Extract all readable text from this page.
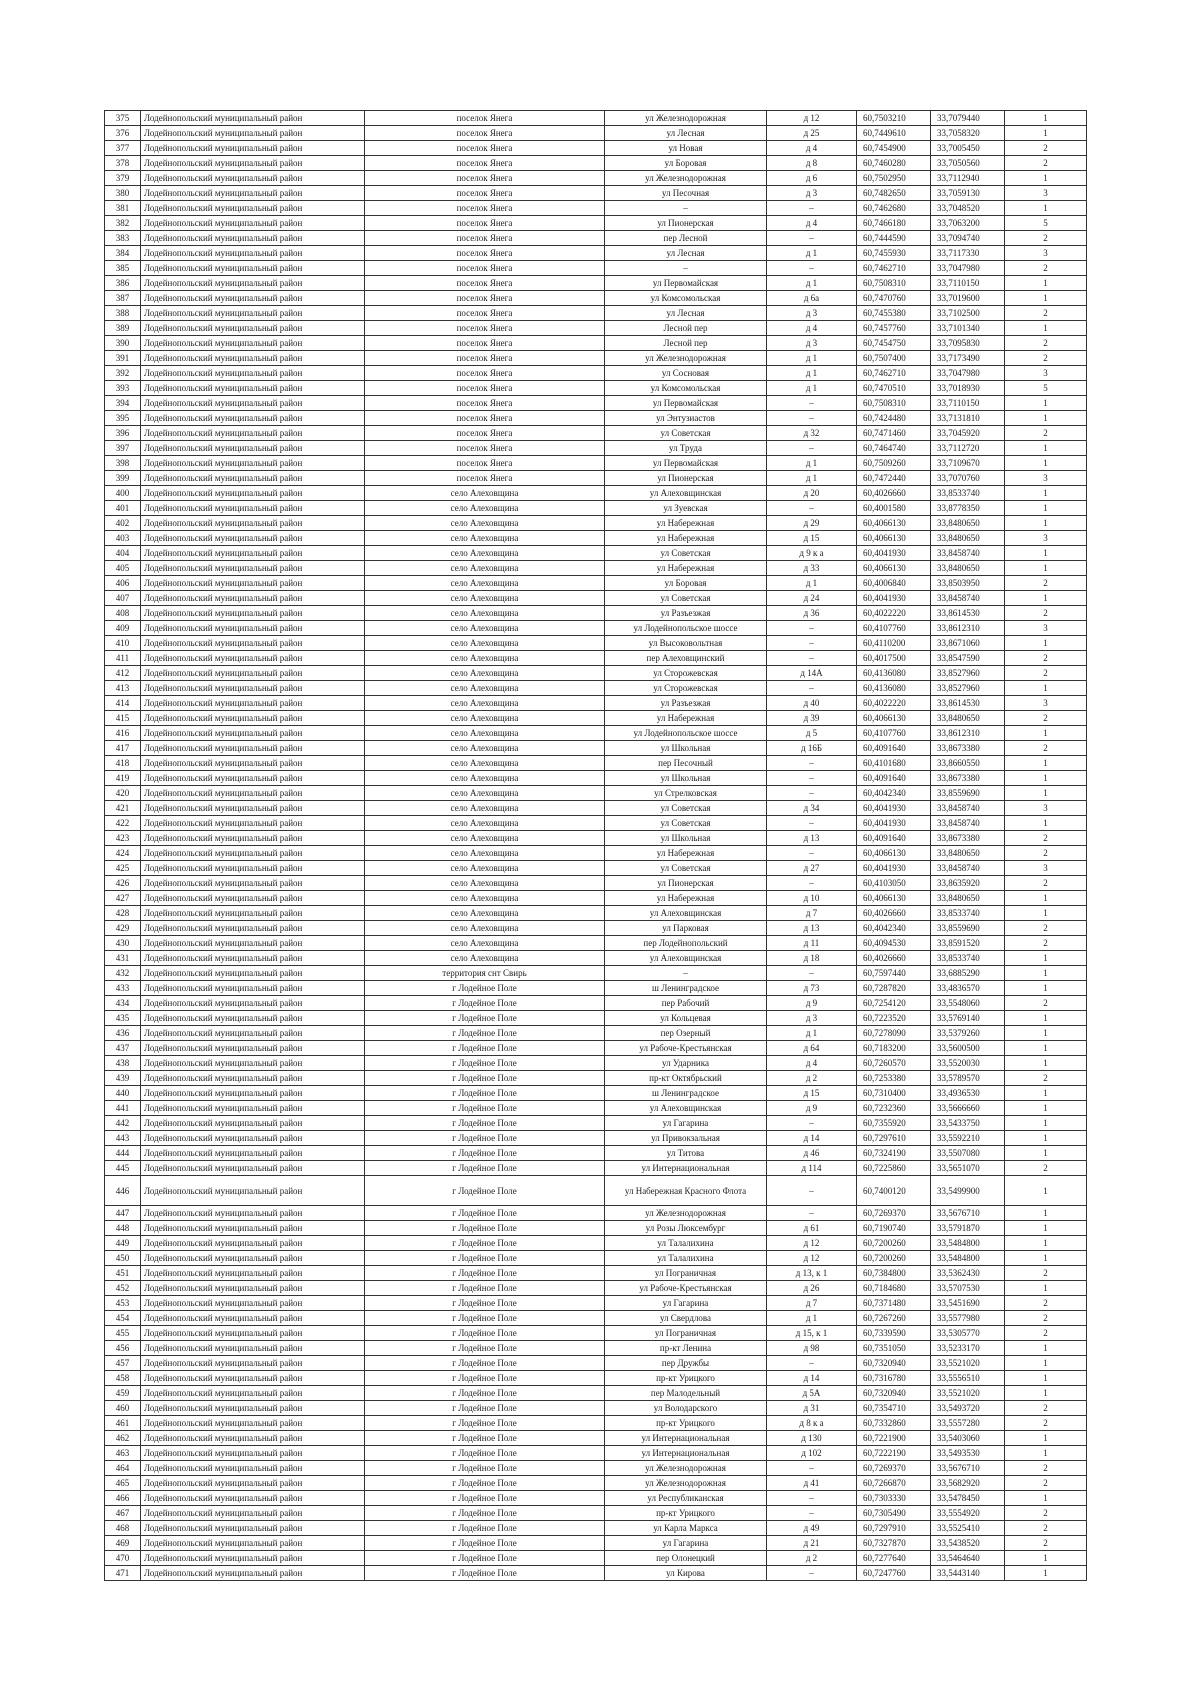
375	Лодейнопольский муниципальный район	поселок Янега	ул Железнодорожная	д 12	60,7503210	33,7079440	1
376	Лодейнопольский муниципальный район	поселок Янега	ул Лесная	д 25	60,7449610	33,7058320	1
377	Лодейнопольский муниципальный район	поселок Янега	ул Новая	д 4	60,7454900	33,7005450	2
378	Лодейнопольский муниципальный район	поселок Янега	ул Боровая	д 8	60,7460280	33,7050560	2
379	Лодейнопольский муниципальный район	поселок Янега	ул Железнодорожная	д 6	60,7502950	33,7112940	1
380	Лодейнопольский муниципальный район	поселок Янега	ул Песочная	д 3	60,7482650	33,7059130	3
381	Лодейнопольский муниципальный район	поселок Янега	–	–	60,7462680	33,7048520	1
382	Лодейнопольский муниципальный район	поселок Янега	ул Пионерская	д 4	60,7466180	33,7063200	5
383	Лодейнопольский муниципальный район	поселок Янега	пер Лесной	–	60,7444590	33,7094740	2
384	Лодейнопольский муниципальный район	поселок Янега	ул Лесная	д 1	60,7455930	33,7117330	3
385	Лодейнопольский муниципальный район	поселок Янега	–	–	60,7462710	33,7047980	2
386	Лодейнопольский муниципальный район	поселок Янега	ул Первомайская	д 1	60,7508310	33,7110150	1
387	Лодейнопольский муниципальный район	поселок Янега	ул Комсомольская	д 6а	60,7470760	33,7019600	1
388	Лодейнопольский муниципальный район	поселок Янега	ул Лесная	д 3	60,7455380	33,7102500	2
389	Лодейнопольский муниципальный район	поселок Янега	Лесной пер	д 4	60,7457760	33,7101340	1
390	Лодейнопольский муниципальный район	поселок Янега	Лесной пер	д 3	60,7454750	33,7095830	2
391	Лодейнопольский муниципальный район	поселок Янега	ул Железнодорожная	д 1	60,7507400	33,7173490	2
392	Лодейнопольский муниципальный район	поселок Янега	ул Сосновая	д 1	60,7462710	33,7047980	3
393	Лодейнопольский муниципальный район	поселок Янега	ул Комсомольская	д 1	60,7470510	33,7018930	5
394	Лодейнопольский муниципальный район	поселок Янега	ул Первомайская	–	60,7508310	33,7110150	1
395	Лодейнопольский муниципальный район	поселок Янега	ул Энтузиастов	–	60,7424480	33,7131810	1
396	Лодейнопольский муниципальный район	поселок Янега	ул Советская	д 32	60,7471460	33,7045920	2
397	Лодейнопольский муниципальный район	поселок Янега	ул Труда	–	60,7464740	33,7112720	1
398	Лодейнопольский муниципальный район	поселок Янега	ул Первомайская	д 1	60,7509260	33,7109670	1
399	Лодейнопольский муниципальный район	поселок Янега	ул Пионерская	д 1	60,7472440	33,7070760	3
400	Лодейнопольский муниципальный район	село Алеховщина	ул Алеховщинская	д 20	60,4026660	33,8533740	1
401	Лодейнопольский муниципальный район	село Алеховщина	ул Зуевская	–	60,4001580	33,8778350	1
402	Лодейнопольский муниципальный район	село Алеховщина	ул Набережная	д 29	60,4066130	33,8480650	1
403	Лодейнопольский муниципальный район	село Алеховщина	ул Набережная	д 15	60,4066130	33,8480650	3
404	Лодейнопольский муниципальный район	село Алеховщина	ул Советская	д 9 к а	60,4041930	33,8458740	1
405	Лодейнопольский муниципальный район	село Алеховщина	ул Набережная	д 33	60,4066130	33,8480650	1
406	Лодейнопольский муниципальный район	село Алеховщина	ул Боровая	д 1	60,4006840	33,8503950	2
407	Лодейнопольский муниципальный район	село Алеховщина	ул Советская	д 24	60,4041930	33,8458740	1
408	Лодейнопольский муниципальный район	село Алеховщина	ул Разъезжая	д 36	60,4022220	33,8614530	2
409	Лодейнопольский муниципальный район	село Алеховщина	ул Лодейнопольское шоссе	–	60,4107760	33,8612310	3
410	Лодейнопольский муниципальный район	село Алеховщина	ул Высоковольтная	–	60,4110200	33,8671060	1
411	Лодейнопольский муниципальный район	село Алеховщина	пер Алеховщинский	–	60,4017500	33,8547590	2
412	Лодейнопольский муниципальный район	село Алеховщина	ул Сторожевская	д 14А	60,4136080	33,8527960	2
413	Лодейнопольский муниципальный район	село Алеховщина	ул Сторожевская	–	60,4136080	33,8527960	1
414	Лодейнопольский муниципальный район	село Алеховщина	ул Разъезжая	д 40	60,4022220	33,8614530	3
415	Лодейнопольский муниципальный район	село Алеховщина	ул Набережная	д 39	60,4066130	33,8480650	2
416	Лодейнопольский муниципальный район	село Алеховщина	ул Лодейнопольское шоссе	д 5	60,4107760	33,8612310	1
417	Лодейнопольский муниципальный район	село Алеховщина	ул Школьная	д 16Б	60,4091640	33,8673380	2
418	Лодейнопольский муниципальный район	село Алеховщина	пер Песочный	–	60,4101680	33,8660550	1
419	Лодейнопольский муниципальный район	село Алеховщина	ул Школьная	–	60,4091640	33,8673380	1
420	Лодейнопольский муниципальный район	село Алеховщина	ул Стрелковская	–	60,4042340	33,8559690	1
421	Лодейнопольский муниципальный район	село Алеховщина	ул Советская	д 34	60,4041930	33,8458740	3
422	Лодейнопольский муниципальный район	село Алеховщина	ул Советская	–	60,4041930	33,8458740	1
423	Лодейнопольский муниципальный район	село Алеховщина	ул Школьная	д 13	60,4091640	33,8673380	2
424	Лодейнопольский муниципальный район	село Алеховщина	ул Набережная	–	60,4066130	33,8480650	2
425	Лодейнопольский муниципальный район	село Алеховщина	ул Советская	д 27	60,4041930	33,8458740	3
426	Лодейнопольский муниципальный район	село Алеховщина	ул Пионерская	–	60,4103050	33,8635920	2
427	Лодейнопольский муниципальный район	село Алеховщина	ул Набережная	д 10	60,4066130	33,8480650	1
428	Лодейнопольский муниципальный район	село Алеховщина	ул Алеховщинская	д 7	60,4026660	33,8533740	1
429	Лодейнопольский муниципальный район	село Алеховщина	ул Парковая	д 13	60,4042340	33,8559690	2
430	Лодейнопольский муниципальный район	село Алеховщина	пер Лодейнопольский	д 11	60,4094530	33,8591520	2
431	Лодейнопольский муниципальный район	село Алеховщина	ул Алеховщинская	д 18	60,4026660	33,8533740	1
432	Лодейнопольский муниципальный район	территория снт Свирь	–	–	60,7597440	33,6885290	1
433	Лодейнопольский муниципальный район	г Лодейное Поле	ш Ленинградское	д 73	60,7287820	33,4836570	1
434	Лодейнопольский муниципальный район	г Лодейное Поле	пер Рабочий	д 9	60,7254120	33,5548060	2
435	Лодейнопольский муниципальный район	г Лодейное Поле	ул Кольцевая	д 3	60,7223520	33,5769140	1
436	Лодейнопольский муниципальный район	г Лодейное Поле	пер Озерный	д 1	60,7278090	33,5379260	1
437	Лодейнопольский муниципальный район	г Лодейное Поле	ул Рабоче-Крестьянская	д 64	60,7183200	33,5600500	1
438	Лодейнопольский муниципальный район	г Лодейное Поле	ул Ударника	д 4	60,7260570	33,5520030	1
439	Лодейнопольский муниципальный район	г Лодейное Поле	пр-кт Октябрьский	д 2	60,7253380	33,5789570	2
440	Лодейнопольский муниципальный район	г Лодейное Поле	ш Ленинградское	д 15	60,7310400	33,4936530	1
441	Лодейнопольский муниципальный район	г Лодейное Поле	ул Алеховщинская	д 9	60,7232360	33,5666660	1
442	Лодейнопольский муниципальный район	г Лодейное Поле	ул Гагарина	–	60,7355920	33,5433750	1
443	Лодейнопольский муниципальный район	г Лодейное Поле	ул Привокзальная	д 14	60,7297610	33,5592210	1
444	Лодейнопольский муниципальный район	г Лодейное Поле	ул Титова	д 46	60,7324190	33,5507080	1
445	Лодейнопольский муниципальный район	г Лодейное Поле	ул Интернациональная	д 114	60,7225860	33,5651070	2
446	Лодейнопольский муниципальный район	г Лодейное Поле	ул Набережная Красного Флота	–	60,7400120	33,5499900	1
447	Лодейнопольский муниципальный район	г Лодейное Поле	ул Железнодорожная	–	60,7269370	33,5676710	1
448	Лодейнопольский муниципальный район	г Лодейное Поле	ул Розы Люксембург	д 61	60,7190740	33,5791870	1
449	Лодейнопольский муниципальный район	г Лодейное Поле	ул Талалихина	д 12	60,7200260	33,5484800	1
450	Лодейнопольский муниципальный район	г Лодейное Поле	ул Талалихина	д 12	60,7200260	33,5484800	1
451	Лодейнопольский муниципальный район	г Лодейное Поле	ул Пограничная	д 13, к 1	60,7384800	33,5362430	2
452	Лодейнопольский муниципальный район	г Лодейное Поле	ул Рабоче-Крестьянская	д 26	60,7184680	33,5707530	1
453	Лодейнопольский муниципальный район	г Лодейное Поле	ул Гагарина	д 7	60,7371480	33,5451690	2
454	Лодейнопольский муниципальный район	г Лодейное Поле	ул Свердлова	д 1	60,7267260	33,5577980	2
455	Лодейнопольский муниципальный район	г Лодейное Поле	ул Пограничная	д 15, к 1	60,7339590	33,5305770	2
456	Лодейнопольский муниципальный район	г Лодейное Поле	пр-кт Ленина	д 98	60,7351050	33,5233170	1
457	Лодейнопольский муниципальный район	г Лодейное Поле	пер Дружбы	–	60,7320940	33,5521020	1
458	Лодейнопольский муниципальный район	г Лодейное Поле	пр-кт Урицкого	д 14	60,7316780	33,5556510	1
459	Лодейнопольский муниципальный район	г Лодейное Поле	пер Малодельный	д 5А	60,7320940	33,5521020	1
460	Лодейнопольский муниципальный район	г Лодейное Поле	ул Володарского	д 31	60,7354710	33,5493720	2
461	Лодейнопольский муниципальный район	г Лодейное Поле	пр-кт Урицкого	д 8 к а	60,7332860	33,5557280	2
462	Лодейнопольский муниципальный район	г Лодейное Поле	ул Интернациональная	д 130	60,7221900	33,5403060	1
463	Лодейнопольский муниципальный район	г Лодейное Поле	ул Интернациональная	д 102	60,7222190	33,5493530	1
464	Лодейнопольский муниципальный район	г Лодейное Поле	ул Железнодорожная	–	60,7269370	33,5676710	2
465	Лодейнопольский муниципальный район	г Лодейное Поле	ул Железнодорожная	д 41	60,7266870	33,5682920	2
466	Лодейнопольский муниципальный район	г Лодейное Поле	ул Республиканская	–	60,7303330	33,5478450	1
467	Лодейнопольский муниципальный район	г Лодейное Поле	пр-кт Урицкого	–	60,7305490	33,5554920	2
468	Лодейнопольский муниципальный район	г Лодейное Поле	ул Карла Маркса	д 49	60,7297910	33,5525410	2
469	Лодейнопольский муниципальный район	г Лодейное Поле	ул Гагарина	д 21	60,7327870	33,5438520	2
470	Лодейнопольский муниципальный район	г Лодейное Поле	пер Олонецкий	д 2	60,7277640	33,5464640	1
471	Лодейнопольский муниципальный район	г Лодейное Поле	ул Кирова	–	60,7247760	33,5443140	1
